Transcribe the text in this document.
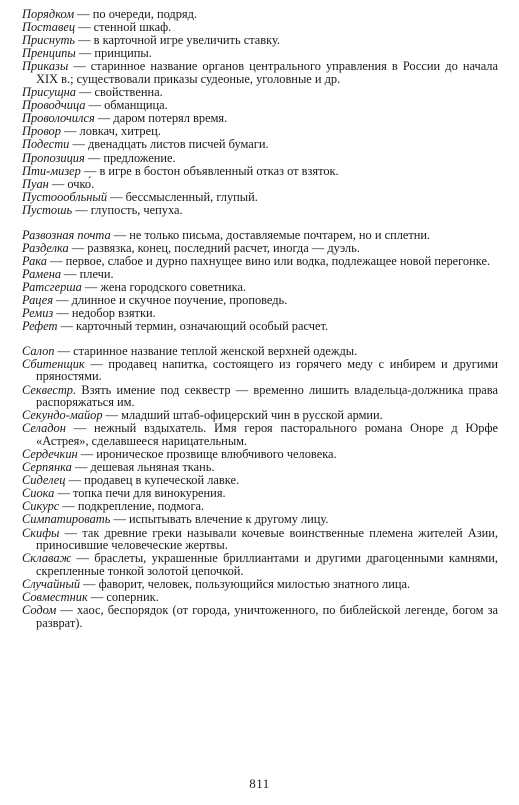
Порядком — по очереди, подряд.

Поставец — стенной шкаф.

Приснуть — в карточной игре увеличить ставку.

Пренципы — принципы.

Приказы — старинное название органов центрального управления в России до начала XIX в.; существовали приказы судеоные, уголовные и др.

Присущна — свойственна.

Проводчица — обманщица.

Проволочился — даром потерял время.

Провор — ловкач, хитрец.

Подести — двенадцать листов писчей бумаги.

Пропозиция — предложение.

Пти-мизер — в игре в бостон объявленный отказ от взяток.

Пуан — очко́.

Пустоообльный — бессмысленный, глупый.

Пустошь — глупость, чепуха.

Развозная почта — не только письма, доставляемые почтарем, но и сплетни.

Разделка — развязка, конец, последний расчет, иногда — дуэль.

Рака́ — первое, слабое и дурно пахнущее вино или водка, подлежащее новой перегонке.

Рамена — плечи.

Ратсгерша — жена городского советника.

Рацея — длинное и скучное поучение, проповедь.

Ремиз — недобор взятки.

Рефет — карточный термин, означающий особый расчет.

Салоп — старинное название теплой женской верхней одежды.

Сбитенщик — продавец напитка, состоящего из горячего меду с инбирем и другими пряностями.

Секвестр. Взять имение под секвестр — временно лишить владельца-должника права распоряжаться им.

Секундо-майор — младший штаб-офицерский чин в русской армии.

Селадон — нежный вздыхатель. Имя героя пасторального романа Оноре д Юрфе «Астрея», сделавшееся нарицательным.

Сердечкин — ироническое прозвище влюбчивого человека.

Серпянка — дешевая льняная ткань.

Сиделец — продавец в купеческой лавке.

Сиока — топка печи для винокурения.

Сикурс — подкрепление, подмога.

Симпатировать — испытывать влечение к другому лицу.

Скифы — так древние греки называли кочевые воинственные племена жителей Азии, приносившие человеческие жертвы.

Склаваж — браслеты, украшенные бриллиантами и другими драгоценными камнями, скрепленные тонкой золотой цепочкой.

Случайный — фаворит, человек, пользующийся милостью знатного лица.

Совместник — соперник.

Содом — хаос, беспорядок (от города, уничтоженного, по библейской легенде, богом за разврат).

811
